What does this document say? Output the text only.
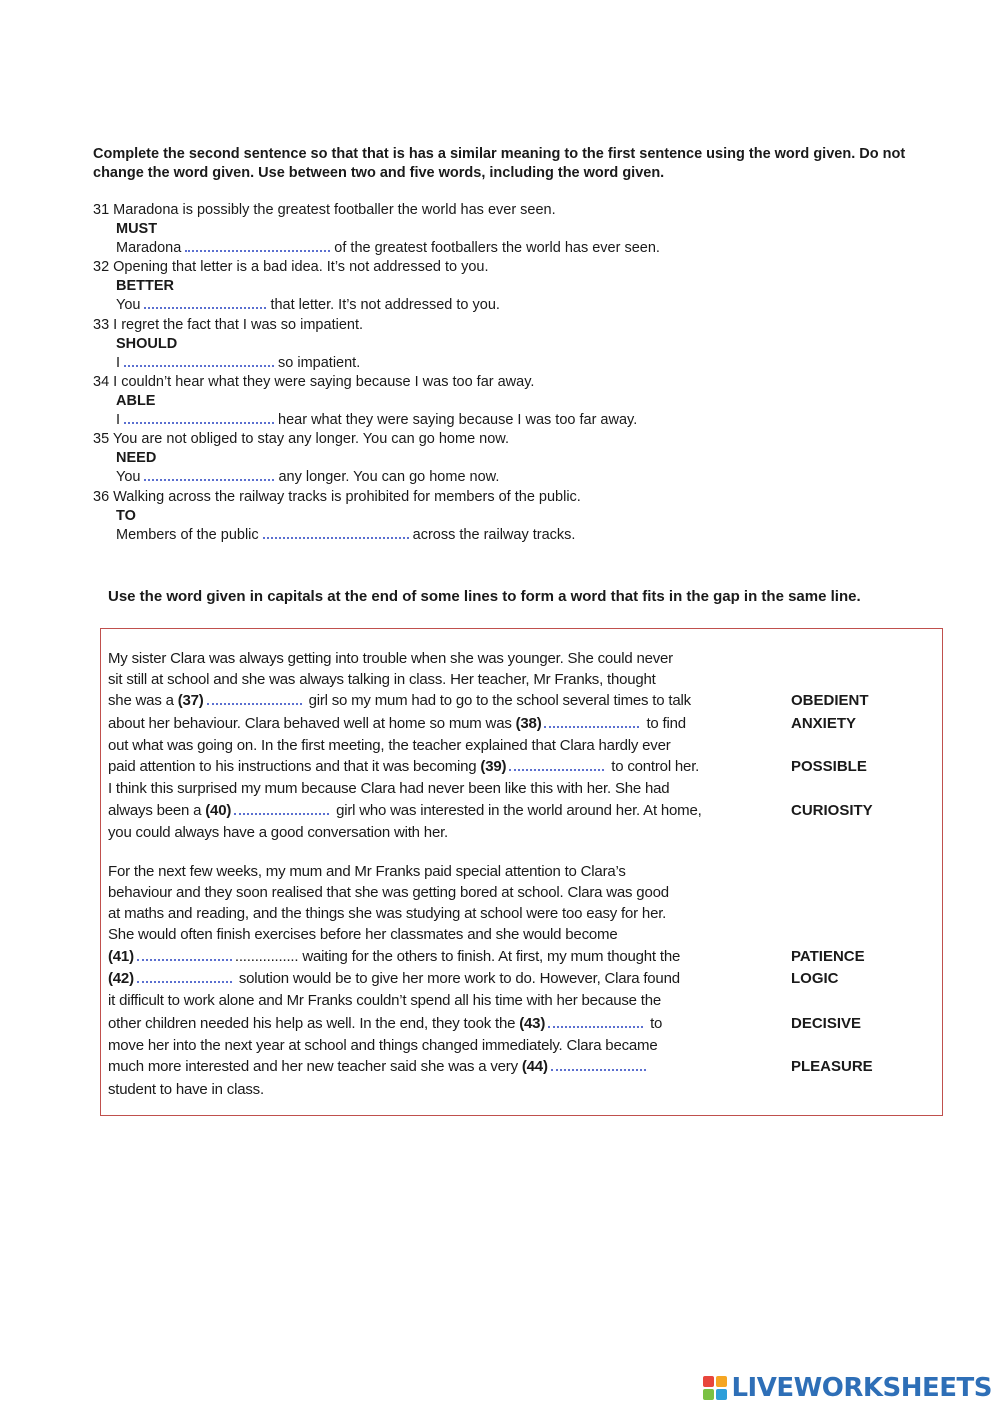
Complete the second sentence so that that is has a similar meaning to the first sentence using the word given. Do not change the word given. Use between two and five words, including the word given.
31 Maradona is possibly the greatest footballer the world has ever seen.
MUST
Maradona	of the greatest footballers the world has ever seen.
32 Opening that letter is a bad idea. It’s not addressed to you.
BETTER
You	that letter. It’s not addressed to you.
33 I regret the fact that I was so impatient.
SHOULD
I	so impatient.
34 I couldn’t hear what they were saying because I was too far away.
ABLE
I	hear what they were saying because I was too far away.
35 You are not obliged to stay any longer. You can go home now.
NEED
You	any longer. You can go home now.
36 Walking across the railway tracks is prohibited for members of the public.
TO
Members of the public	across the railway tracks.
Use the word given in capitals at the end of some lines to form a word that fits in the gap in the same line.
My sister Clara was always getting into trouble when she was younger. She could never
sit still at school and she was always talking in class. Her teacher, Mr Franks, thought
she was a (37)	girl so my mum had to go to the school several times to talk
about her behaviour. Clara behaved well at home so mum was (38)	to find
out what was going on. In the first meeting, the teacher explained that Clara hardly ever
paid attention to his instructions and that it was becoming (39)	to control her.
I think this surprised my mum because Clara had never been like this with her. She had
always been a (40)	girl who was interested in the world around her. At home,
you could always have a good conversation with her.
For the next few weeks, my mum and Mr Franks paid special attention to Clara’s
behaviour and they soon realised that she was getting bored at school. Clara was good
at maths and reading, and the things she was studying at school were too easy for her.
She would often finish exercises before her classmates and she would become
(41)	................ waiting for the others to finish. At first, my mum thought the
(42)	solution would be to give her more work to do. However, Clara found
it difficult to work alone and Mr Franks couldn’t spend all his time with her because the
other children needed his help as well. In the end, they took the (43)	to
move her into the next year at school and things changed immediately. Clara became
much more interested and her new teacher said she was a very (44)
student to have in class.
OBEDIENT
ANXIETY
POSSIBLE
CURIOSITY
PATIENCE
LOGIC
DECISIVE
PLEASURE
LIVEWORKSHEETS
